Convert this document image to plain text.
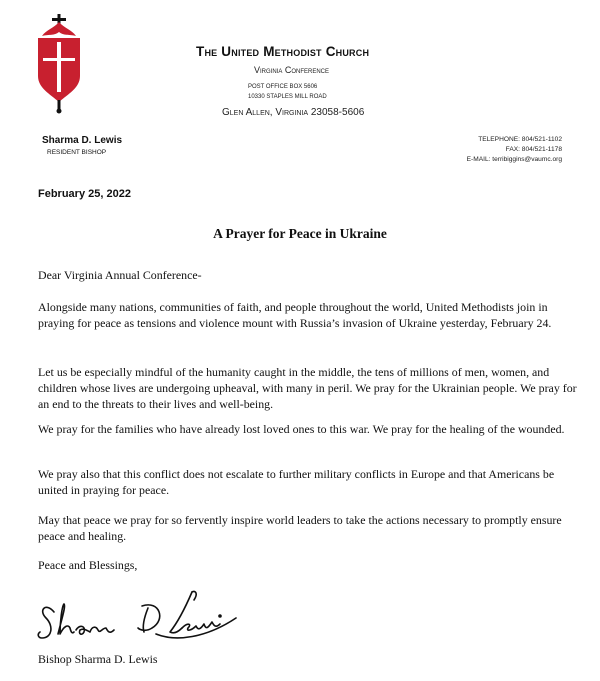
The United Methodist Church
Virginia Conference
POST OFFICE BOX 5606
10330 STAPLES MILL ROAD
Glen Allen, Virginia 23058-5606
Sharma D. Lewis
RESIDENT BISHOP
TELEPHONE: 804/521-1102
FAX: 804/521-1178
E-MAIL: terribiggins@vaumc.org
February 25, 2022
A Prayer for Peace in Ukraine

Dear Virginia Annual Conference-

Alongside many nations, communities of faith, and people throughout the world, United Methodists join in praying for peace as tensions and violence mount with Russia’s invasion of Ukraine yesterday, February 24.

Let us be especially mindful of the humanity caught in the middle, the tens of millions of men, women, and children whose lives are undergoing upheaval, with many in peril. We pray for the Ukrainian people. We pray for an end to the threats to their lives and well-being.

We pray for the families who have already lost loved ones to this war. We pray for the healing of the wounded.

We pray also that this conflict does not escalate to further military conflicts in Europe and that Americans be united in praying for peace.

May that peace we pray for so fervently inspire world leaders to take the actions necessary to promptly ensure peace and healing.

Peace and Blessings,

Bishop Sharma D. Lewis
